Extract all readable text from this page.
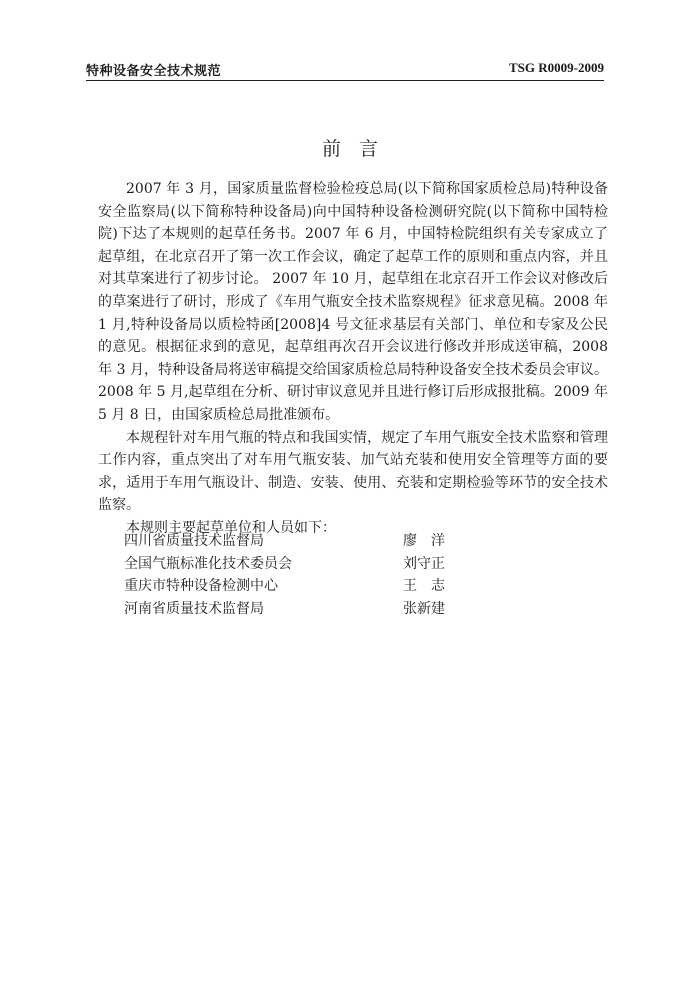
特种设备安全技术规范	TSG R0009-2009
前言

2007 年 3 月，国家质量监督检验检疫总局(以下简称国家质检总局)特种设备安全监察局(以下简称特种设备局)向中国特种设备检测研究院(以下简称中国特检院)下达了本规则的起草任务书。2007 年 6 月，中国特检院组织有关专家成立了起草组，在北京召开了第一次工作会议，确定了起草工作的原则和重点内容，并且对其草案进行了初步讨论。 2007 年 10 月，起草组在北京召开工作会议对修改后的草案进行了研讨，形成了《车用气瓶安全技术监察规程》征求意见稿。2008 年 1 月,特种设备局以质检特函[2008]4 号文征求基层有关部门、单位和专家及公民的意见。根据征求到的意见，起草组再次召开会议进行修改并形成送审稿，2008 年 3 月，特种设备局将送审稿提交给国家质检总局特种设备安全技术委员会审议。2008 年 5 月,起草组在分析、研讨审议意见并且进行修订后形成报批稿。2009 年 5 月 8 日，由国家质检总局批准颁布。

本规程针对车用气瓶的特点和我国实情，规定了车用气瓶安全技术监察和管理工作内容，重点突出了对车用气瓶安装、加气站充装和使用安全管理等方面的要求，适用于车用气瓶设计、制造、安装、使用、充装和定期检验等环节的安全技术监察。

本规则主要起草单位和人员如下：

四川省质量技术监督局	廖　洋
全国气瓶标准化技术委员会	刘守正
重庆市特种设备检测中心	王　志
河南省质量技术监督局	张新建
